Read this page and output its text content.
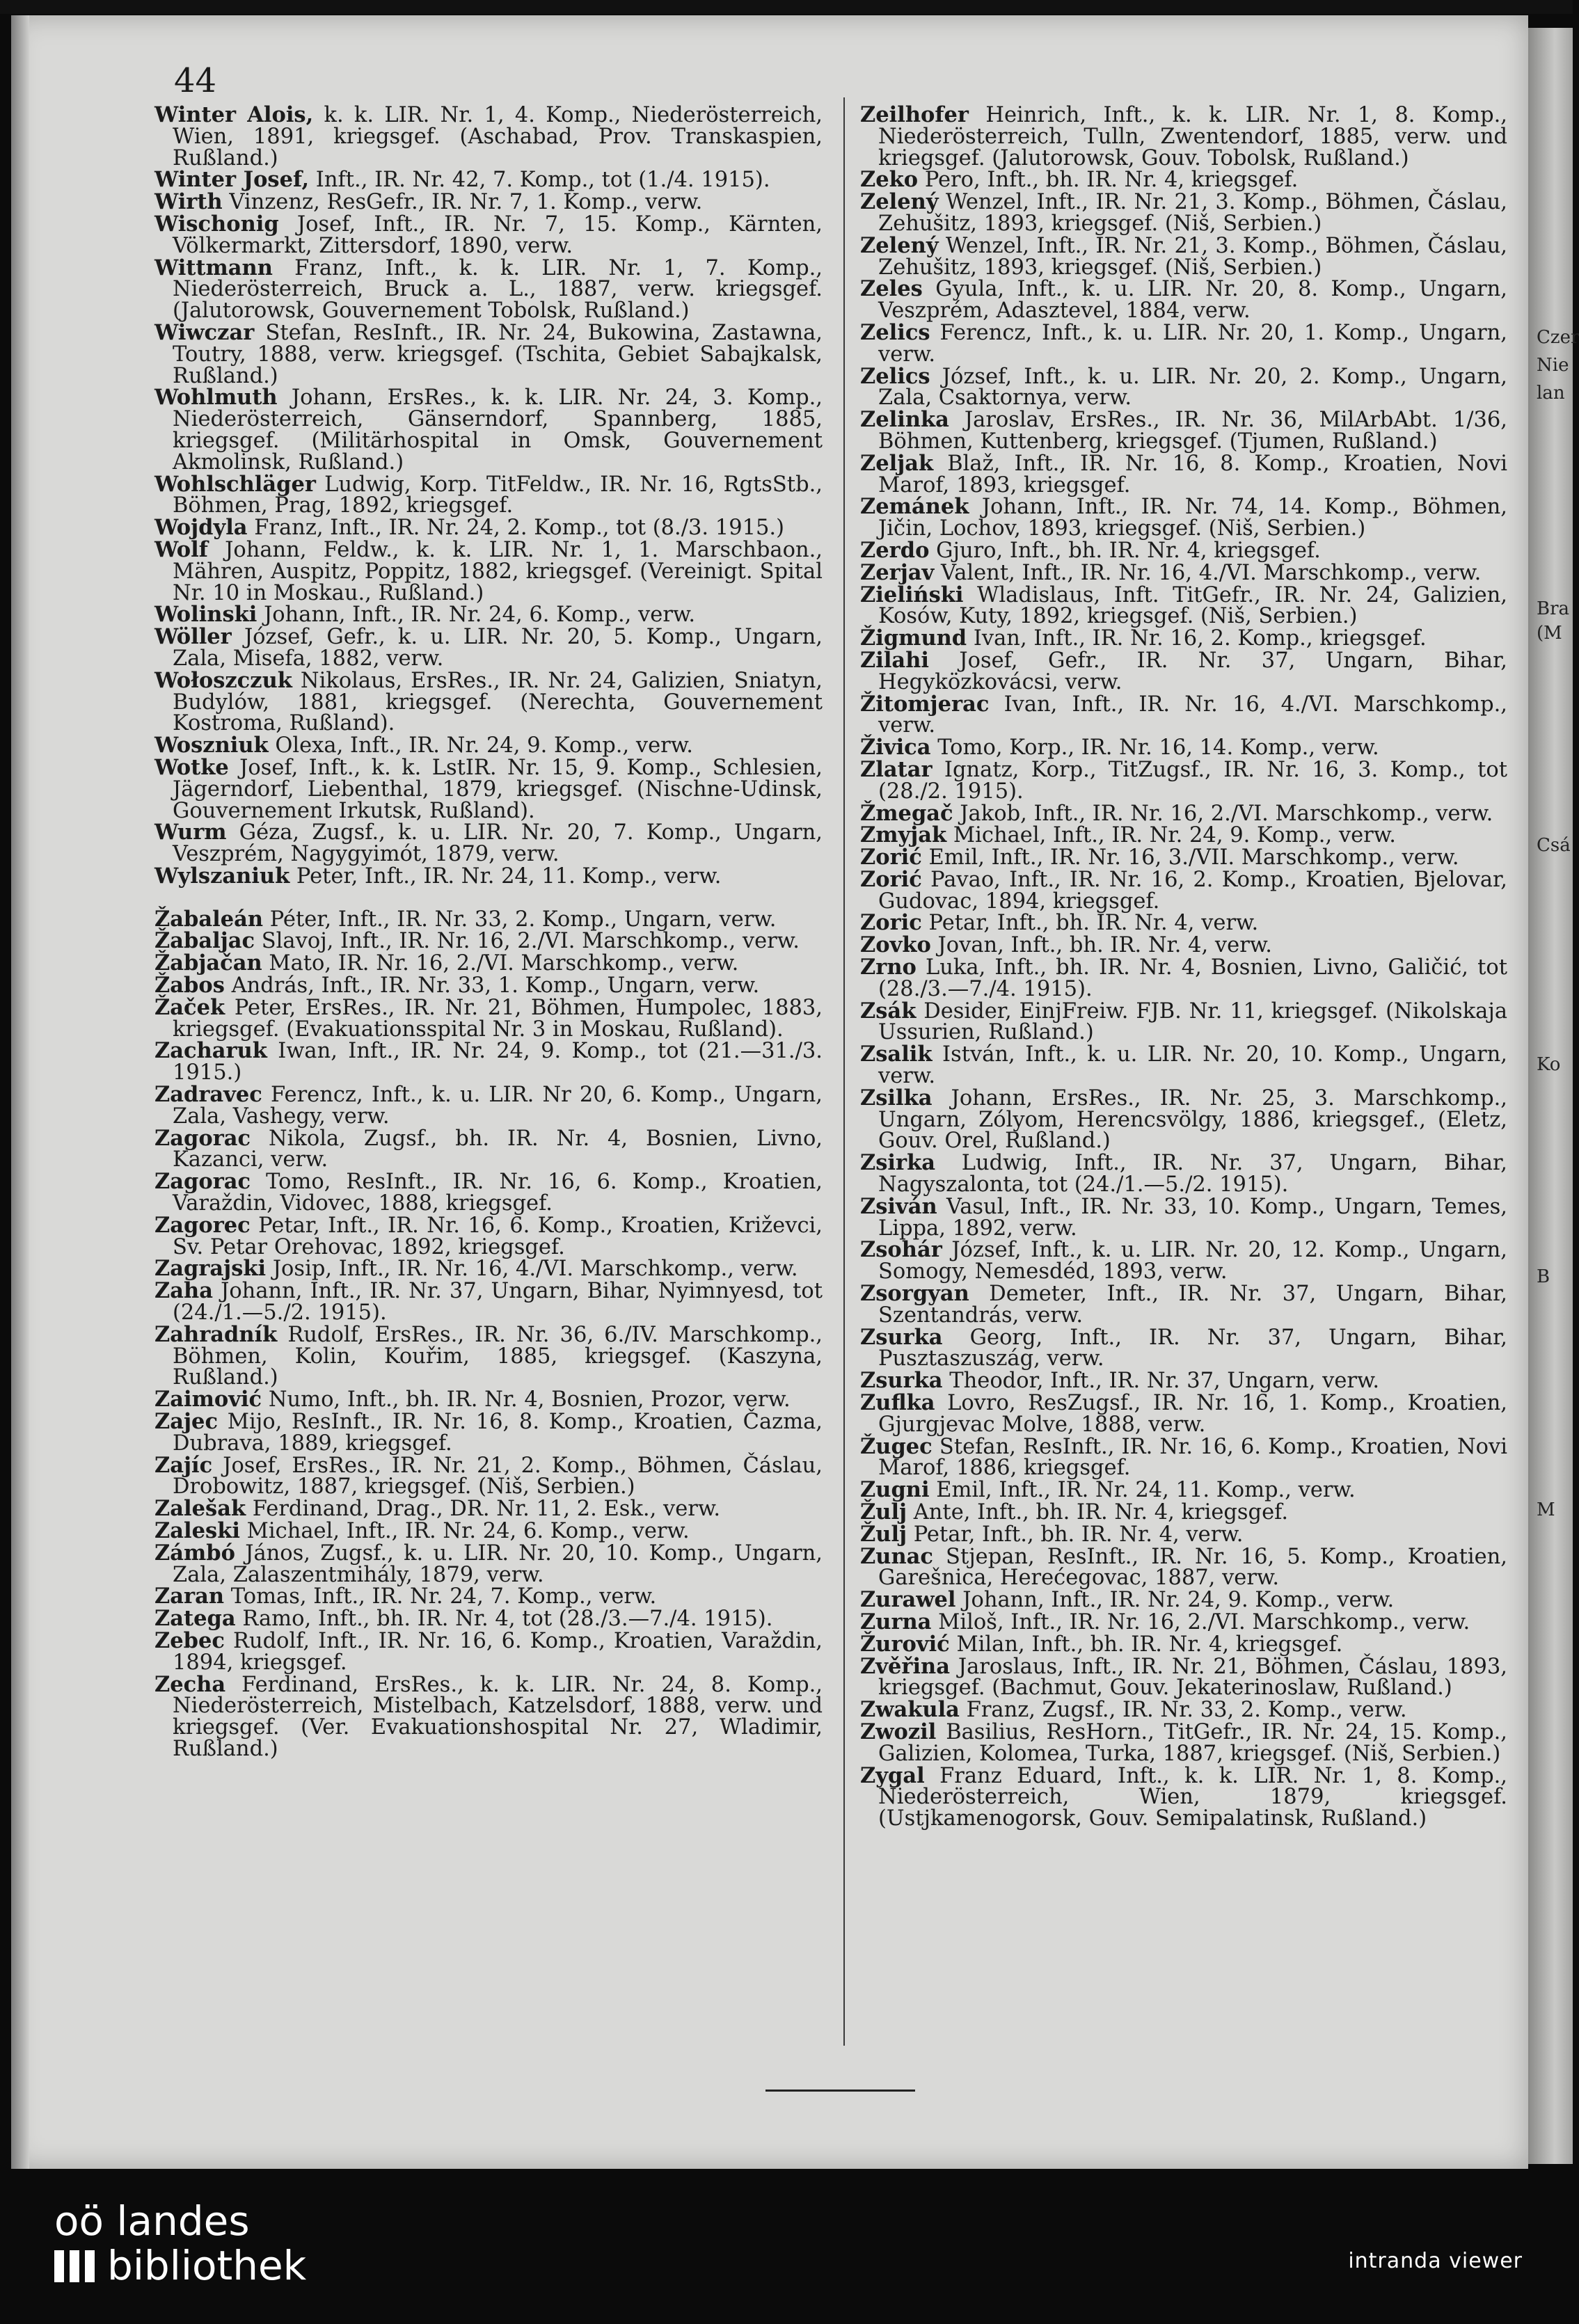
Czer
Nie
lan
Bra
(M
Csá
Ko
B
M
44

Winter Alois, k. k. LIR. Nr. 1, 4. Komp., Niederösterreich, Wien, 1891, kriegsgef. (Aschabad, Prov. Transkaspien, Rußland.)

Winter Josef, Inft., IR. Nr. 42, 7. Komp., tot (1./4. 1915).

Wirth Vinzenz, ResGefr., IR. Nr. 7, 1. Komp., verw.

Wischonig Josef, Inft., IR. Nr. 7, 15. Komp., Kärnten, Völkermarkt, Zittersdorf, 1890, verw.

Wittmann Franz, Inft., k. k. LIR. Nr. 1, 7. Komp., Niederösterreich, Bruck a. L., 1887, verw. kriegsgef. (Jalutorowsk, Gouvernement Tobolsk, Rußland.)

Wiwczar Stefan, ResInft., IR. Nr. 24, Bukowina, Zastawna, Toutry, 1888, verw. kriegsgef. (Tschita, Gebiet Sabajkalsk, Rußland.)

Wohlmuth Johann, ErsRes., k. k. LIR. Nr. 24, 3. Komp., Niederösterreich, Gänserndorf, Spannberg, 1885, kriegsgef. (Militärhospital in Omsk, Gouvernement Akmolinsk, Rußland.)

Wohlschläger Ludwig, Korp. TitFeldw., IR. Nr. 16, RgtsStb., Böhmen, Prag, 1892, kriegsgef.

Wojdyla Franz, Inft., IR. Nr. 24, 2. Komp., tot (8./3. 1915.)

Wolf Johann, Feldw., k. k. LIR. Nr. 1, 1. Marschbaon., Mähren, Auspitz, Poppitz, 1882, kriegsgef. (Vereinigt. Spital Nr. 10 in Moskau., Rußland.)

Wolinski Johann, Inft., IR. Nr. 24, 6. Komp., verw.

Wöller József, Gefr., k. u. LIR. Nr. 20, 5. Komp., Ungarn, Zala, Misefa, 1882, verw.

Wołoszczuk Nikolaus, ErsRes., IR. Nr. 24, Galizien, Sniatyn, Budylów, 1881, kriegsgef. (Nerechta, Gouvernement Kostroma, Rußland).

Woszniuk Olexa, Inft., IR. Nr. 24, 9. Komp., verw.

Wotke Josef, Inft., k. k. LstIR. Nr. 15, 9. Komp., Schlesien, Jägerndorf, Liebenthal, 1879, kriegsgef. (Nischne-Udinsk, Gouvernement Irkutsk, Rußland).

Wurm Géza, Zugsf., k. u. LIR. Nr. 20, 7. Komp., Ungarn, Veszprém, Nagygyimót, 1879, verw.

Wylszaniuk Peter, Inft., IR. Nr. 24, 11. Komp., verw.

Žabaleán Péter, Inft., IR. Nr. 33, 2. Komp., Ungarn, verw.

Žabaljac Slavoj, Inft., IR. Nr. 16, 2./VI. Marschkomp., verw.

Žabjačan Mato, IR. Nr. 16, 2./VI. Marschkomp., verw.

Žabos András, Inft., IR. Nr. 33, 1. Komp., Ungarn, verw.

Žaček Peter, ErsRes., IR. Nr. 21, Böhmen, Humpolec, 1883, kriegsgef. (Evakuationsspital Nr. 3 in Moskau, Rußland).

Zacharuk Iwan, Inft., IR. Nr. 24, 9. Komp., tot (21.—31./3. 1915.)

Zadravec Ferencz, Inft., k. u. LIR. Nr 20, 6. Komp., Ungarn, Zala, Vashegy, verw.

Zagorac Nikola, Zugsf., bh. IR. Nr. 4, Bosnien, Livno, Kazanci, verw.

Zagorac Tomo, ResInft., IR. Nr. 16, 6. Komp., Kroatien, Varaždin, Vidovec, 1888, kriegsgef.

Zagorec Petar, Inft., IR. Nr. 16, 6. Komp., Kroatien, Križevci, Sv. Petar Orehovac, 1892, kriegsgef.

Zagrajski Josip, Inft., IR. Nr. 16, 4./VI. Marschkomp., verw.

Zaha Johann, Inft., IR. Nr. 37, Ungarn, Bihar, Nyimnyesd, tot (24./1.—5./2. 1915).

Zahradník Rudolf, ErsRes., IR. Nr. 36, 6./IV. Marschkomp., Böhmen, Kolin, Kouřim, 1885, kriegsgef. (Kaszyna, Rußland.)

Zaimović Numo, Inft., bh. IR. Nr. 4, Bosnien, Prozor, verw.

Zajec Mijo, ResInft., IR. Nr. 16, 8. Komp., Kroatien, Čazma, Dubrava, 1889, kriegsgef.

Zajíc Josef, ErsRes., IR. Nr. 21, 2. Komp., Böhmen, Čáslau, Drobowitz, 1887, kriegsgef. (Niš, Serbien.)

Zalešak Ferdinand, Drag., DR. Nr. 11, 2. Esk., verw.

Zaleski Michael, Inft., IR. Nr. 24, 6. Komp., verw.

Zámbó János, Zugsf., k. u. LIR. Nr. 20, 10. Komp., Ungarn, Zala, Zalaszentmihály, 1879, verw.

Zaran Tomas, Inft., IR. Nr. 24, 7. Komp., verw.

Zatega Ramo, Inft., bh. IR. Nr. 4, tot (28./3.—7./4. 1915).

Zebec Rudolf, Inft., IR. Nr. 16, 6. Komp., Kroatien, Varaždin, 1894, kriegsgef.

Zecha Ferdinand, ErsRes., k. k. LIR. Nr. 24, 8. Komp., Niederösterreich, Mistelbach, Katzelsdorf, 1888, verw. und kriegsgef. (Ver. Evakuationshospital Nr. 27, Wladimir, Rußland.)

Zeilhofer Heinrich, Inft., k. k. LIR. Nr. 1, 8. Komp., Niederösterreich, Tulln, Zwentendorf, 1885, verw. und kriegsgef. (Jalutorowsk, Gouv. Tobolsk, Rußland.)

Zeko Pero, Inft., bh. IR. Nr. 4, kriegsgef.

Zelený Wenzel, Inft., IR. Nr. 21, 3. Komp., Böhmen, Čáslau, Zehušitz, 1893, kriegsgef. (Niš, Serbien.)

Zelený Wenzel, Inft., IR. Nr. 21, 3. Komp., Böhmen, Čáslau, Zehušitz, 1893, kriegsgef. (Niš, Serbien.)

Zeles Gyula, Inft., k. u. LIR. Nr. 20, 8. Komp., Ungarn, Veszprém, Adasztevel, 1884, verw.

Zelics Ferencz, Inft., k. u. LIR. Nr. 20, 1. Komp., Ungarn, verw.

Zelics József, Inft., k. u. LIR. Nr. 20, 2. Komp., Ungarn, Zala, Csaktornya, verw.

Zelinka Jaroslav, ErsRes., IR. Nr. 36, MilArbAbt. 1/36, Böhmen, Kuttenberg, kriegsgef. (Tjumen, Rußland.)

Zeljak Blaž, Inft., IR. Nr. 16, 8. Komp., Kroatien, Novi Marof, 1893, kriegsgef.

Zemánek Johann, Inft., IR. Nr. 74, 14. Komp., Böhmen, Jičin, Lochov, 1893, kriegsgef. (Niš, Serbien.)

Zerdo Gjuro, Inft., bh. IR. Nr. 4, kriegsgef.

Zerjav Valent, Inft., IR. Nr. 16, 4./VI. Marschkomp., verw.

Zieliński Wladislaus, Inft. TitGefr., IR. Nr. 24, Galizien, Kosów, Kuty, 1892, kriegsgef. (Niš, Serbien.)

Žigmund Ivan, Inft., IR. Nr. 16, 2. Komp., kriegsgef.

Zilahi Josef, Gefr., IR. Nr. 37, Ungarn, Bihar, Hegyközkovácsi, verw.

Žitomjerac Ivan, Inft., IR. Nr. 16, 4./VI. Marschkomp., verw.

Živica Tomo, Korp., IR. Nr. 16, 14. Komp., verw.

Zlatar Ignatz, Korp., TitZugsf., IR. Nr. 16, 3. Komp., tot (28./2. 1915).

Žmegač Jakob, Inft., IR. Nr. 16, 2./VI. Marschkomp., verw.

Zmyjak Michael, Inft., IR. Nr. 24, 9. Komp., verw.

Zorić Emil, Inft., IR. Nr. 16, 3./VII. Marschkomp., verw.

Zorić Pavao, Inft., IR. Nr. 16, 2. Komp., Kroatien, Bjelovar, Gudovac, 1894, kriegsgef.

Zoric Petar, Inft., bh. IR. Nr. 4, verw.

Zovko Jovan, Inft., bh. IR. Nr. 4, verw.

Zrno Luka, Inft., bh. IR. Nr. 4, Bosnien, Livno, Galičić, tot (28./3.—7./4. 1915).

Zsák Desider, EinjFreiw. FJB. Nr. 11, kriegsgef. (Nikolskaja Ussurien, Rußland.)

Zsalik István, Inft., k. u. LIR. Nr. 20, 10. Komp., Ungarn, verw.

Zsilka Johann, ErsRes., IR. Nr. 25, 3. Marschkomp., Ungarn, Zólyom, Herencsvölgy, 1886, kriegsgef., (Eletz, Gouv. Orel, Rußland.)

Zsirka Ludwig, Inft., IR. Nr. 37, Ungarn, Bihar, Nagyszalonta, tot (24./1.—5./2. 1915).

Zsiván Vasul, Inft., IR. Nr. 33, 10. Komp., Ungarn, Temes, Lippa, 1892, verw.

Zsohár József, Inft., k. u. LIR. Nr. 20, 12. Komp., Ungarn, Somogy, Nemesdéd, 1893, verw.

Zsorgyan Demeter, Inft., IR. Nr. 37, Ungarn, Bihar, Szentandrás, verw.

Zsurka Georg, Inft., IR. Nr. 37, Ungarn, Bihar, Pusztaszuszág, verw.

Zsurka Theodor, Inft., IR. Nr. 37, Ungarn, verw.

Zuflka Lovro, ResZugsf., IR. Nr. 16, 1. Komp., Kroatien, Gjurgjevac Molve, 1888, verw.

Žugec Stefan, ResInft., IR. Nr. 16, 6. Komp., Kroatien, Novi Marof, 1886, kriegsgef.

Zugni Emil, Inft., IR. Nr. 24, 11. Komp., verw.

Žulj Ante, Inft., bh. IR. Nr. 4, kriegsgef.

Žulj Petar, Inft., bh. IR. Nr. 4, verw.

Zunac Stjepan, ResInft., IR. Nr. 16, 5. Komp., Kroatien, Garešnica, Herećegovac, 1887, verw.

Zurawel Johann, Inft., IR. Nr. 24, 9. Komp., verw.

Zurna Miloš, Inft., IR. Nr. 16, 2./VI. Marschkomp., verw.

Žurović Milan, Inft., bh. IR. Nr. 4, kriegsgef.

Zvěřina Jaroslaus, Inft., IR. Nr. 21, Böhmen, Čáslau, 1893, kriegsgef. (Bachmut, Gouv. Jekaterinoslaw, Rußland.)

Zwakula Franz, Zugsf., IR. Nr. 33, 2. Komp., verw.

Zwozil Basilius, ResHorn., TitGefr., IR. Nr. 24, 15. Komp., Galizien, Kolomea, Turka, 1887, kriegsgef. (Niš, Serbien.)

Zygal Franz Eduard, Inft., k. k. LIR. Nr. 1, 8. Komp., Niederösterreich, Wien, 1879, kriegsgef. (Ustjkamenogorsk, Gouv. Semipalatinsk, Rußland.)

oö landes
bibliothek	intranda viewer
